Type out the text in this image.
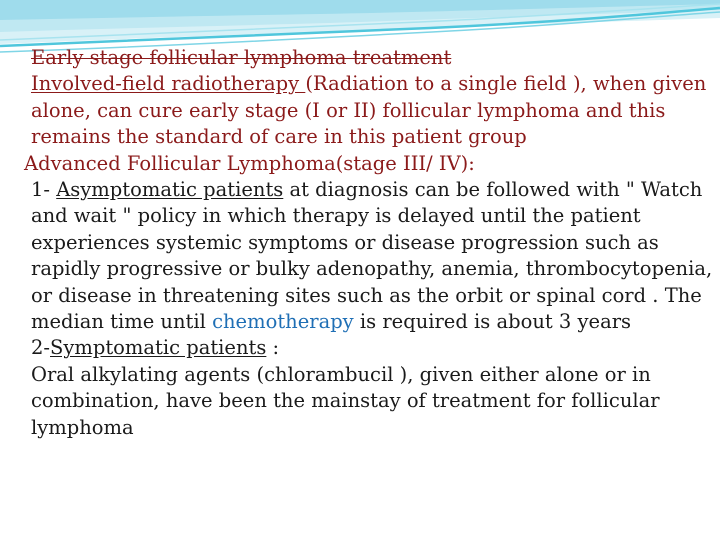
Early stage follicular lymphoma treatment

Involved-field radiotherapy (Radiation to a single field ), when given alone, can cure early stage (I or II) follicular lymphoma and this remains the standard of care in this patient group

Advanced Follicular Lymphoma(stage III/ IV):

1- Asymptomatic patients at diagnosis can be followed with " Watch and wait " policy in which therapy is delayed until the patient experiences systemic symptoms or disease progression such as rapidly progressive or bulky adenopathy, anemia, thrombocytopenia, or disease in threatening sites such as the orbit or spinal cord . The median time until chemotherapy is required is about 3 years

2-Symptomatic patients :

Oral alkylating agents (chlorambucil ), given either alone or in combination, have been the mainstay of treatment for follicular lymphoma
